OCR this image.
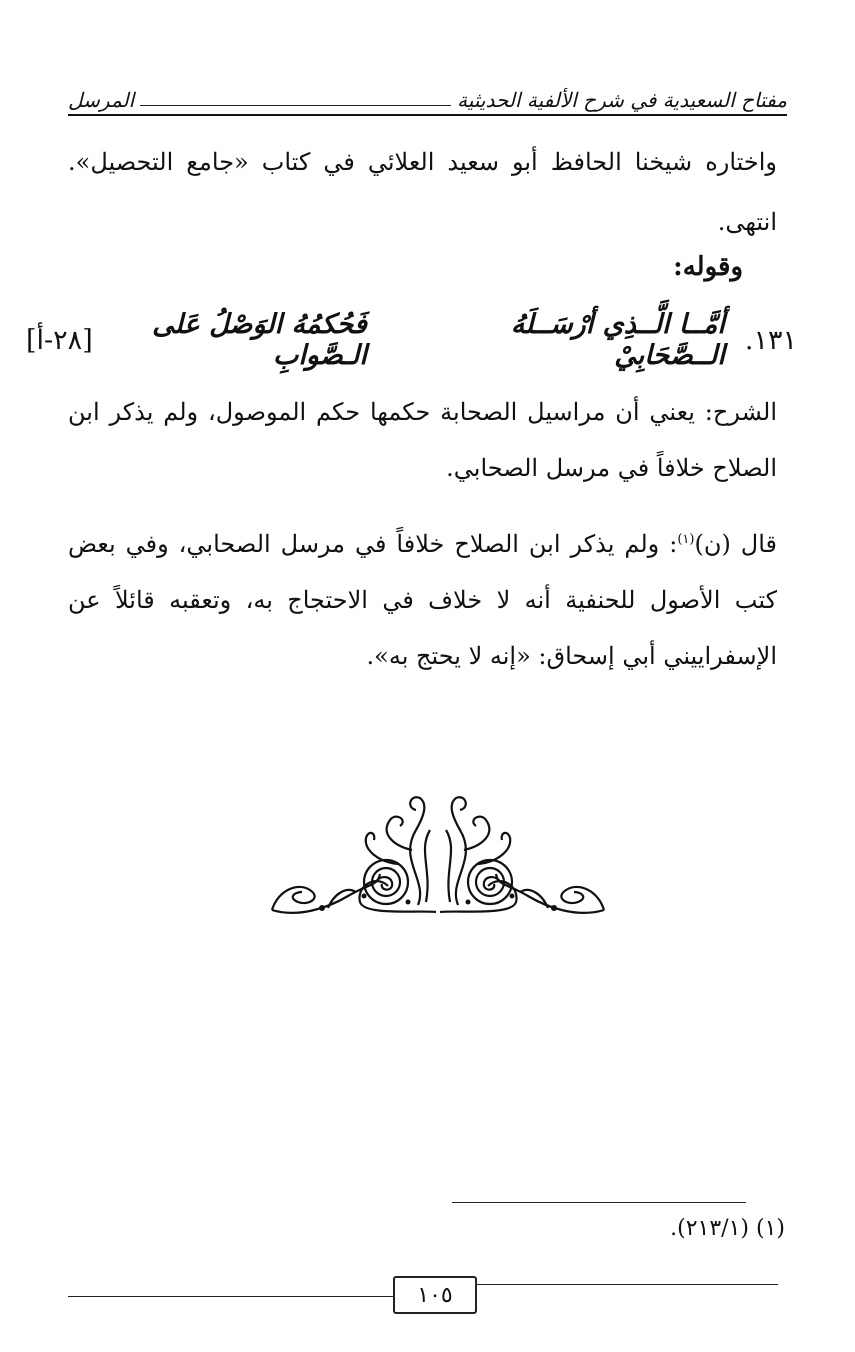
مفتاح السعيدية في شرح الألفية الحديثية
المرسل
واختاره شيخنا الحافظ أبو سعيد العلائي في كتاب «جامع التحصيل». انتهى.
وقوله:
١٣١.
أمَّــا الَّــذِي أرْسَــلَهُ الــصَّحَابِيْ
فَحُكمُهُ الوَصْلُ عَلى الـصَّوابِ
[٢٨-أ]
الشرح: يعني أن مراسيل الصحابة حكمها حكم الموصول، ولم يذكر ابن الصلاح خلافاً في مرسل الصحابي.
قال (ن)$^{(١)}$: ولم يذكر ابن الصلاح خلافاً في مرسل الصحابي، وفي بعض كتب الأصول للحنفية أنه لا خلاف في الاحتجاج به، وتعقبه قائلاً عن الإسفراييني أبي إسحاق: «إنه لا يحتج به».
(١) (٢١٣/١).
١٠٥
